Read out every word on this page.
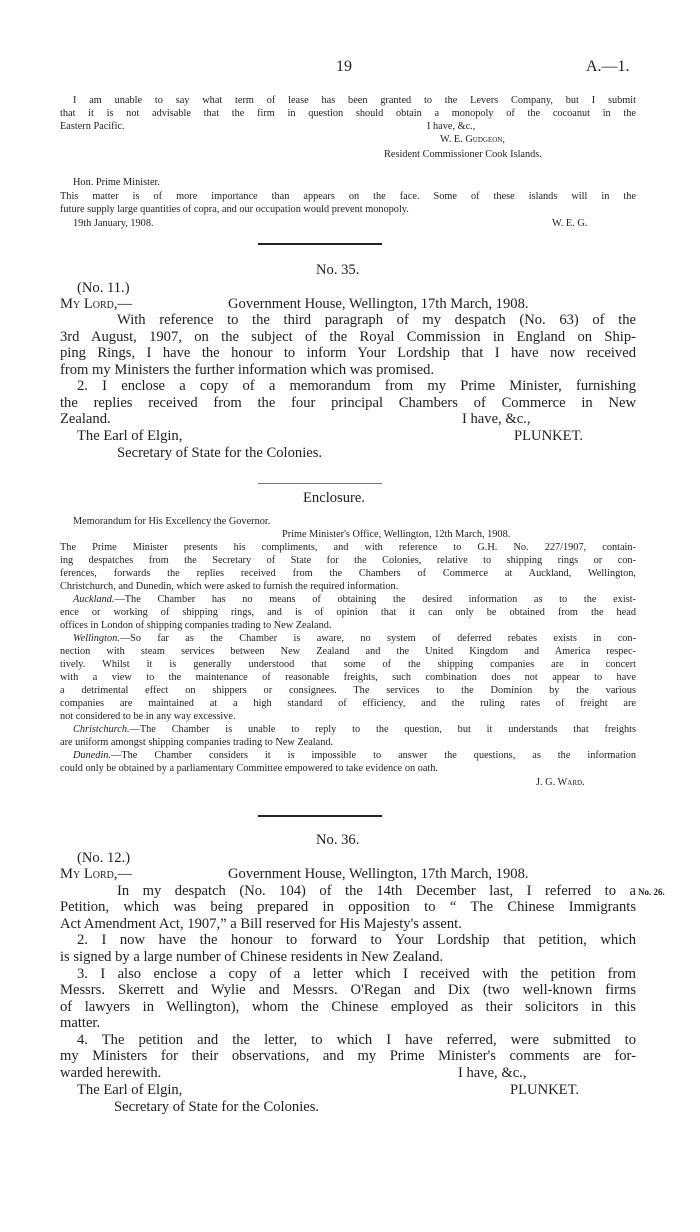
19	A.—1.
I am unable to say what term of lease has been granted to the Levers Company, but I submit
that it is not advisable that the firm in question should obtain a monopoly of the cocoanut in the
Eastern Pacific.	I have, &c.,
W. E. Gudgeon,
Resident Commissioner Cook Islands.
Hon. Prime Minister.
This matter is of more importance than appears on the face. Some of these islands will in the
future supply large quantities of copra, and our occupation would prevent monopoly.
19th January, 1908.	W. E. G.
No. 35.
(No. 11.)
My Lord,—	Government House, Wellington, 17th March, 1908.
With reference to the third paragraph of my despatch (No. 63) of the
3rd August, 1907, on the subject of the Royal Commission in England on Ship-
ping Rings, I have the honour to inform Your Lordship that I have now received
from my Ministers the further information which was promised.
2. I enclose a copy of a memorandum from my Prime Minister, furnishing
the replies received from the four principal Chambers of Commerce in New
Zealand.	I have, &c.,
The Earl of Elgin,	PLUNKET.
Secretary of State for the Colonies.
Enclosure.
Memorandum for His Excellency the Governor.
Prime Minister's Office, Wellington, 12th March, 1908.
The Prime Minister presents his compliments, and with reference to G.H. No. 227/1907, contain-
ing despatches from the Secretary of State for the Colonies, relative to shipping rings or con-
ferences, forwards the replies received from the Chambers of Commerce at Auckland, Wellington,
Christchurch, and Dunedin, which were asked to furnish the required information.
Auckland.—The Chamber has no means of obtaining the desired information as to the exist-
ence or working of shipping rings, and is of opinion that it can only be obtained from the head
offices in London of shipping companies trading to New Zealand.
Wellington.—So far as the Chamber is aware, no system of deferred rebates exists in con-
nection with steam services between New Zealand and the United Kingdom and America respec-
tively. Whilst it is generally understood that some of the shipping companies are in concert
with a view to the maintenance of reasonable freights, such combination does not appear to have
a detrimental effect on shippers or consignees. The services to the Dominion by the various
companies are maintained at a high standard of efficiency, and the ruling rates of freight are
not considered to be in any way excessive.
Christchurch.—The Chamber is unable to reply to the question, but it understands that freights
are uniform amongst shipping companies trading to New Zealand.
Dunedin.—The Chamber considers it is impossible to answer the questions, as the information
could only be obtained by a parliamentary Committee empowered to take evidence on oath.
J. G. Ward.
No. 36.
(No. 12.)
My Lord,—	Government House, Wellington, 17th March, 1908.
In my despatch (No. 104) of the 14th December last, I referred to a No. 26.
Petition, which was being prepared in opposition to “ The Chinese Immigrants
Act Amendment Act, 1907,” a Bill reserved for His Majesty's assent.
2. I now have the honour to forward to Your Lordship that petition, which
is signed by a large number of Chinese residents in New Zealand.
3. I also enclose a copy of a letter which I received with the petition from
Messrs. Skerrett and Wylie and Messrs. O'Regan and Dix (two well-known firms
of lawyers in Wellington), whom the Chinese employed as their solicitors in this
matter.
4. The petition and the letter, to which I have referred, were submitted to
my Ministers for their observations, and my Prime Minister's comments are for-
warded herewith.	I have, &c.,
The Earl of Elgin,	PLUNKET.
Secretary of State for the Colonies.
